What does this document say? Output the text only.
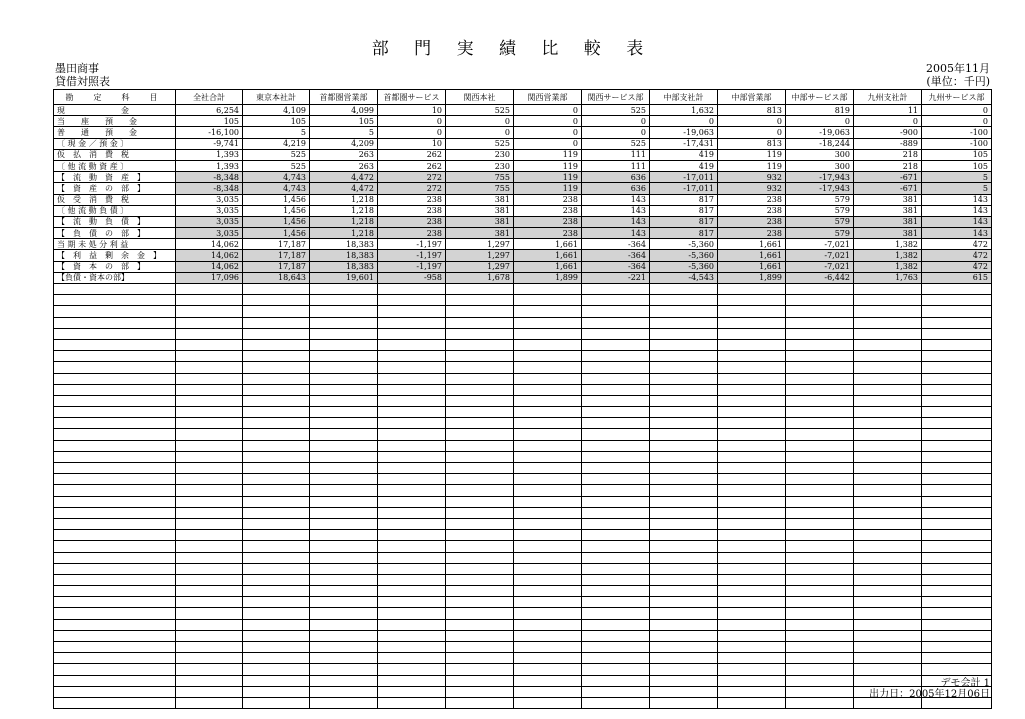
部 門 実 績 比 較 表
墨田商事
貸借対照表
2005年11月
(単位：千円)
勘　定　科　目	全社合計	東京本社計	首都圏営業部	首都圏サービス	関西本社	関西営業部	関西サービス部	中部支社計	中部営業部	中部サービス部	九州支社計	九州サービス部
現　　　　　　　金	6,254	4,109	4,099	10	525	0	525	1,632	813	819	11	0
当　　座　　預　　金	105	105	105	0	0	0	0	0	0	0	0	0
普　　通　　預　　金	-16,100	5	5	0	0	0	0	-19,063	0	-19,063	-900	-100
〔 現 金 ／ 預 金 〕	-9,741	4,219	4,209	10	525	0	525	-17,431	813	-18,244	-889	-100
仮　払　消　費　税	1,393	525	263	262	230	119	111	419	119	300	218	105
〔 他 流 動 資 産 〕	1,393	525	263	262	230	119	111	419	119	300	218	105
【　流　動　資　産　】	-8,348	4,743	4,472	272	755	119	636	-17,011	932	-17,943	-671	5
【　資　産　の　部　】	-8,348	4,743	4,472	272	755	119	636	-17,011	932	-17,943	-671	5
仮　受　消　費　税	3,035	1,456	1,218	238	381	238	143	817	238	579	381	143
〔 他 流 動 負 債 〕	3,035	1,456	1,218	238	381	238	143	817	238	579	381	143
【　流　動　負　債　】	3,035	1,456	1,218	238	381	238	143	817	238	579	381	143
【　負　債　の　部　】	3,035	1,456	1,218	238	381	238	143	817	238	579	381	143
当 期 未 処 分 利 益	14,062	17,187	18,383	-1,197	1,297	1,661	-364	-5,360	1,661	-7,021	1,382	472
【　利　益　剰　余　金　】	14,062	17,187	18,383	-1,197	1,297	1,661	-364	-5,360	1,661	-7,021	1,382	472
【　資　本　の　部　】	14,062	17,187	18,383	-1,197	1,297	1,661	-364	-5,360	1,661	-7,021	1,382	472
【負債・資本の部】	17,096	18,643	19,601	-958	1,678	1,899	-221	-4,543	1,899	-6,442	1,763	615

デモ会計 1
出力日：2005年12月06日
